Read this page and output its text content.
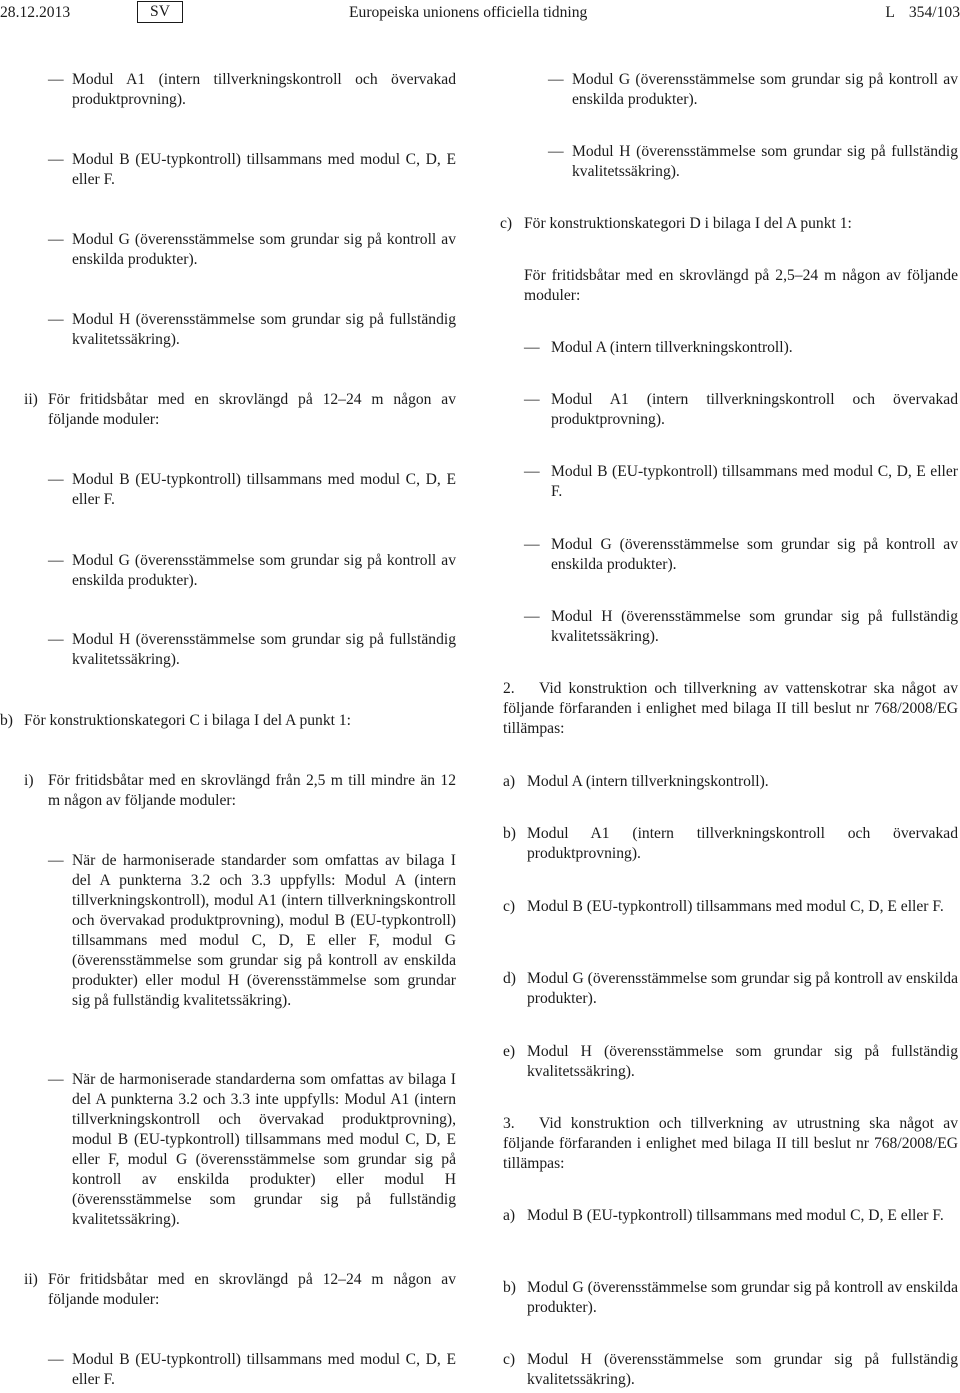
28.12.2013	SV	Europeiska unionens officiella tidning	L 354/103
—
Modul A1 (intern tillverkningskontroll och övervakad produktprovning).
—
Modul B (EU-typkontroll) tillsammans med modul C, D, E eller F.
—
Modul G (överensstämmelse som grundar sig på kontroll av enskilda produkter).
—
Modul H (överensstämmelse som grundar sig på fullständig kvalitetssäkring).
ii) För fritidsbåtar med en skrovlängd på 12–24 m någon av följande moduler:
—
Modul B (EU-typkontroll) tillsammans med modul C, D, E eller F.
—
Modul G (överensstämmelse som grundar sig på kontroll av enskilda produkter).
—
Modul H (överensstämmelse som grundar sig på fullständig kvalitetssäkring).
b) För konstruktionskategori C i bilaga I del A punkt 1:
i) För fritidsbåtar med en skrovlängd från 2,5 m till mindre än 12 m någon av följande moduler:
—
När de harmoniserade standarder som omfattas av bilaga I del A punkterna 3.2 och 3.3 uppfylls: Modul A (intern tillverkningskontroll), modul A1 (intern tillverkningskontroll och övervakad produktprovning), modul B (EU-typkontroll) tillsammans med modul C, D, E eller F, modul G (överensstämmelse som grundar sig på kontroll av enskilda produkter) eller modul H (överensstämmelse som grundar sig på fullständig kvalitetssäkring).
—
När de harmoniserade standarderna som omfattas av bilaga I del A punkterna 3.2 och 3.3 inte uppfylls: Modul A1 (intern tillverkningskontroll och övervakad produktprovning), modul B (EU-typkontroll) tillsammans med modul C, D, E eller F, modul G (överensstämmelse som grundar sig på kontroll av enskilda produkter) eller modul H (överensstämmelse som grundar sig på fullständig kvalitetssäkring).
ii) För fritidsbåtar med en skrovlängd på 12–24 m någon av följande moduler:
—
Modul B (EU-typkontroll) tillsammans med modul C, D, E eller F.
—
Modul G (överensstämmelse som grundar sig på kontroll av enskilda produkter).
—
Modul H (överensstämmelse som grundar sig på fullständig kvalitetssäkring).
c) För konstruktionskategori D i bilaga I del A punkt 1:
För fritidsbåtar med en skrovlängd på 2,5–24 m någon av följande moduler:
—
Modul A (intern tillverkningskontroll).
—
Modul A1 (intern tillverkningskontroll och övervakad produktprovning).
—
Modul B (EU-typkontroll) tillsammans med modul C, D, E eller F.
—
Modul G (överensstämmelse som grundar sig på kontroll av enskilda produkter).
—
Modul H (överensstämmelse som grundar sig på fullständig kvalitetssäkring).
2.	Vid konstruktion och tillverkning av vattenskotrar ska något av följande förfaranden i enlighet med bilaga II till beslut nr 768/2008/EG tillämpas:
a) Modul A (intern tillverkningskontroll).
b) Modul A1 (intern tillverkningskontroll och övervakad produktprovning).
c) Modul B (EU-typkontroll) tillsammans med modul C, D, E eller F.
d) Modul G (överensstämmelse som grundar sig på kontroll av enskilda produkter).
e) Modul H (överensstämmelse som grundar sig på fullständig kvalitetssäkring).
3.	Vid konstruktion och tillverkning av utrustning ska något av följande förfaranden i enlighet med bilaga II till beslut nr 768/2008/EG tillämpas:
a) Modul B (EU-typkontroll) tillsammans med modul C, D, E eller F.
b) Modul G (överensstämmelse som grundar sig på kontroll av enskilda produkter).
c) Modul H (överensstämmelse som grundar sig på fullständig kvalitetssäkring).
